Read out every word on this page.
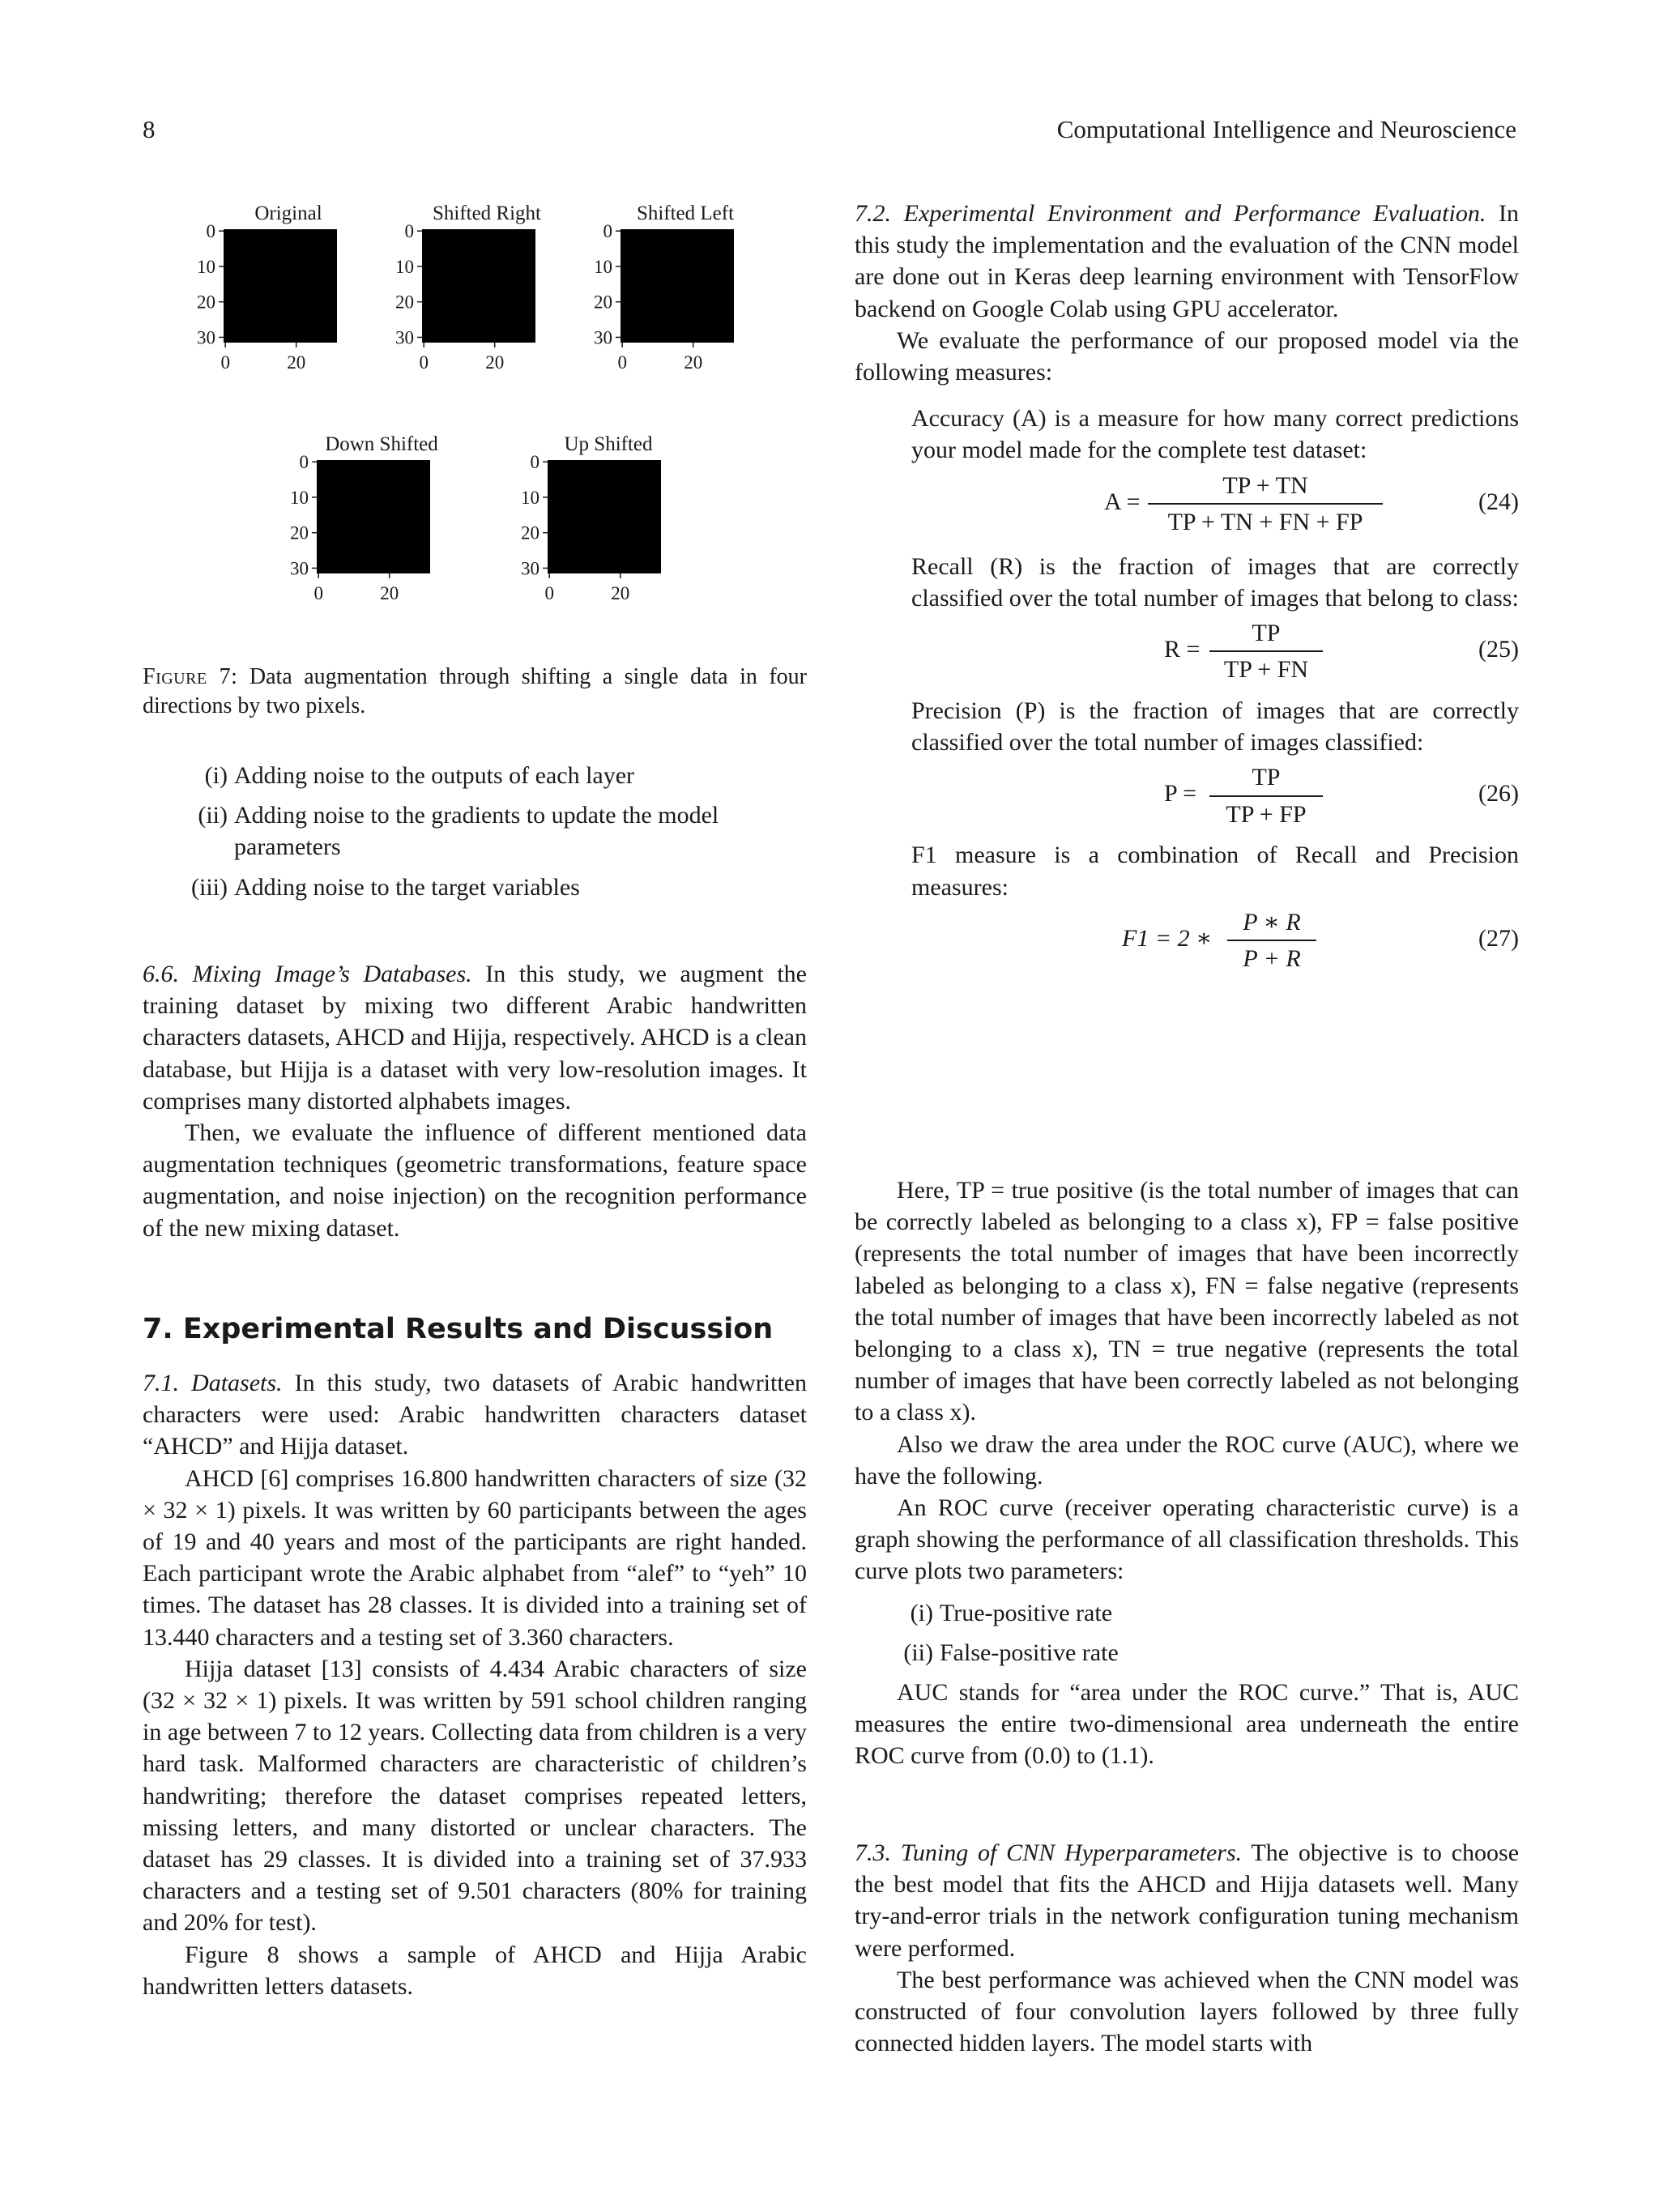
8	Computational Intelligence and Neuroscience
0
10
20
30
0	20
Original
0
10
20
30
0	20
Shifted Right
0
10
20
30
0	20
Shifted Left
0
10
20
30
0	20
Down Shifted
0
10
20
30
0	20
Up Shifted

Figure 7: Data augmentation through shifting a single data in four directions by two pixels.

(i) Adding noise to the outputs of each layer
(ii) Adding noise to the gradients to update the model parameters
(iii) Adding noise to the target variables

6.6. Mixing Image’s Databases. In this study, we augment the training dataset by mixing two different Arabic handwritten characters datasets, AHCD and Hijja, respectively. AHCD is a clean database, but Hijja is a dataset with very low-resolution images. It comprises many distorted alphabets images.

Then, we evaluate the influence of different mentioned data augmentation techniques (geometric transformations, feature space augmentation, and noise injection) on the recognition performance of the new mixing dataset.

7. Experimental Results and Discussion

7.1. Datasets. In this study, two datasets of Arabic handwritten characters were used: Arabic handwritten characters dataset “AHCD” and Hijja dataset.

AHCD [6] comprises 16.800 handwritten characters of size (32 × 32 × 1) pixels. It was written by 60 participants between the ages of 19 and 40 years and most of the participants are right handed. Each participant wrote the Arabic alphabet from “alef” to “yeh” 10 times. The dataset has 28 classes. It is divided into a training set of 13.440 characters and a testing set of 3.360 characters.

Hijja dataset [13] consists of 4.434 Arabic characters of size (32 × 32 × 1) pixels. It was written by 591 school children ranging in age between 7 to 12 years. Collecting data from children is a very hard task. Malformed characters are characteristic of children’s handwriting; therefore the dataset comprises repeated letters, missing letters, and many distorted or unclear characters. The dataset has 29 classes. It is divided into a training set of 37.933 characters and a testing set of 9.501 characters (80% for training and 20% for test).

Figure 8 shows a sample of AHCD and Hijja Arabic handwritten letters datasets.

7.2. Experimental Environment and Performance Evaluation. In this study the implementation and the evaluation of the CNN model are done out in Keras deep learning environment with TensorFlow backend on Google Colab using GPU accelerator.

We evaluate the performance of our proposed model via the following measures:

Accuracy (A) is a measure for how many correct predictions your model made for the complete test dataset:

$A = \frac{TP + TN}{TP + TN + FN + FP}$	(24)

Recall (R) is the fraction of images that are correctly classified over the total number of images that belong to class:

$R = \frac{TP}{TP + FN}$	(25)

Precision (P) is the fraction of images that are correctly classified over the total number of images classified:

$P = \frac{TP}{TP + FP}$	(26)

F1 measure is a combination of Recall and Precision measures:

F1 = 2 ∗ $\frac{P ∗ R}{P + R}$	(27)

Here, TP = true positive (is the total number of images that can be correctly labeled as belonging to a class x), FP = false positive (represents the total number of images that have been incorrectly labeled as belonging to a class x), FN = false negative (represents the total number of images that have been incorrectly labeled as not belonging to a class x), TN = true negative (represents the total number of images that have been correctly labeled as not belonging to a class x).

Also we draw the area under the ROC curve (AUC), where we have the following.

An ROC curve (receiver operating characteristic curve) is a graph showing the performance of all classification thresholds. This curve plots two parameters:

(i) True-positive rate
(ii) False-positive rate

AUC stands for “area under the ROC curve.” That is, AUC measures the entire two-dimensional area underneath the entire ROC curve from (0.0) to (1.1).

7.3. Tuning of CNN Hyperparameters. The objective is to choose the best model that fits the AHCD and Hijja datasets well. Many try-and-error trials in the network configuration tuning mechanism were performed.

The best performance was achieved when the CNN model was constructed of four convolution layers followed by three fully connected hidden layers. The model starts with
